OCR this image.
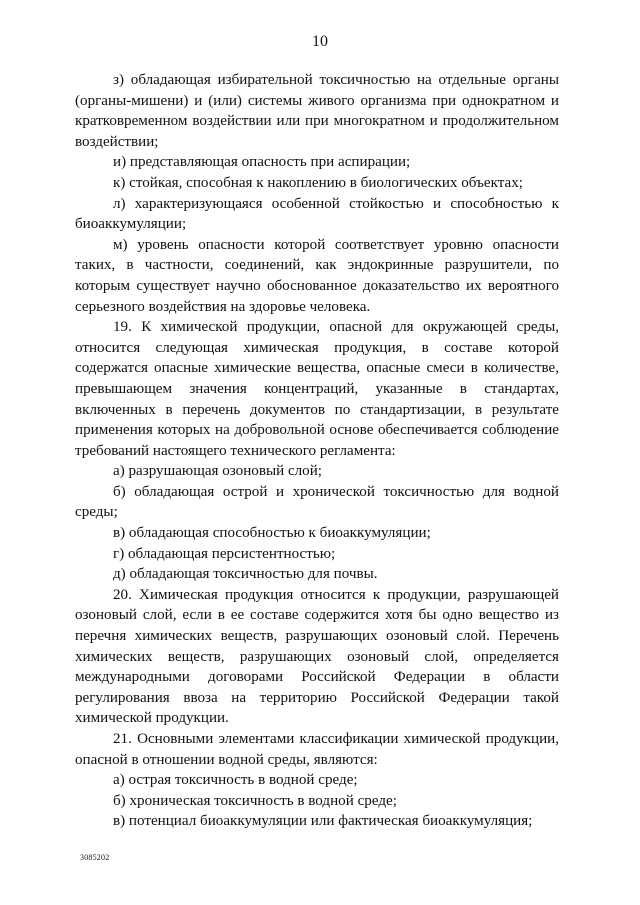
10

з) обладающая избирательной токсичностью на отдельные органы (органы-мишени) и (или) системы живого организма при однократном и кратковременном воздействии или при многократном и продолжительном воздействии;

и) представляющая опасность при аспирации;

к) стойкая, способная к накоплению в биологических объектах;

л) характеризующаяся особенной стойкостью и способностью к биоаккумуляции;

м) уровень опасности которой соответствует уровню опасности таких, в частности, соединений, как эндокринные разрушители, по которым существует научно обоснованное доказательство их вероятного серьезного воздействия на здоровье человека.

19. К химической продукции, опасной для окружающей среды, относится следующая химическая продукция, в составе которой содержатся опасные химические вещества, опасные смеси в количестве, превышающем значения концентраций, указанные в стандартах, включенных в перечень документов по стандартизации, в результате применения которых на добровольной основе обеспечивается соблюдение требований настоящего технического регламента:

а) разрушающая озоновый слой;

б) обладающая острой и хронической токсичностью для водной среды;

в) обладающая способностью к биоаккумуляции;

г) обладающая персистентностью;

д) обладающая токсичностью для почвы.

20. Химическая продукция относится к продукции, разрушающей озоновый слой, если в ее составе содержится хотя бы одно вещество из перечня химических веществ, разрушающих озоновый слой. Перечень химических веществ, разрушающих озоновый слой, определяется международными договорами Российской Федерации в области регулирования ввоза на территорию Российской Федерации такой химической продукции.

21. Основными элементами классификации химической продукции, опасной в отношении водной среды, являются:

а) острая токсичность в водной среде;

б) хроническая токсичность в водной среде;

в) потенциал биоаккумуляции или фактическая биоаккумуляция;

3085202
